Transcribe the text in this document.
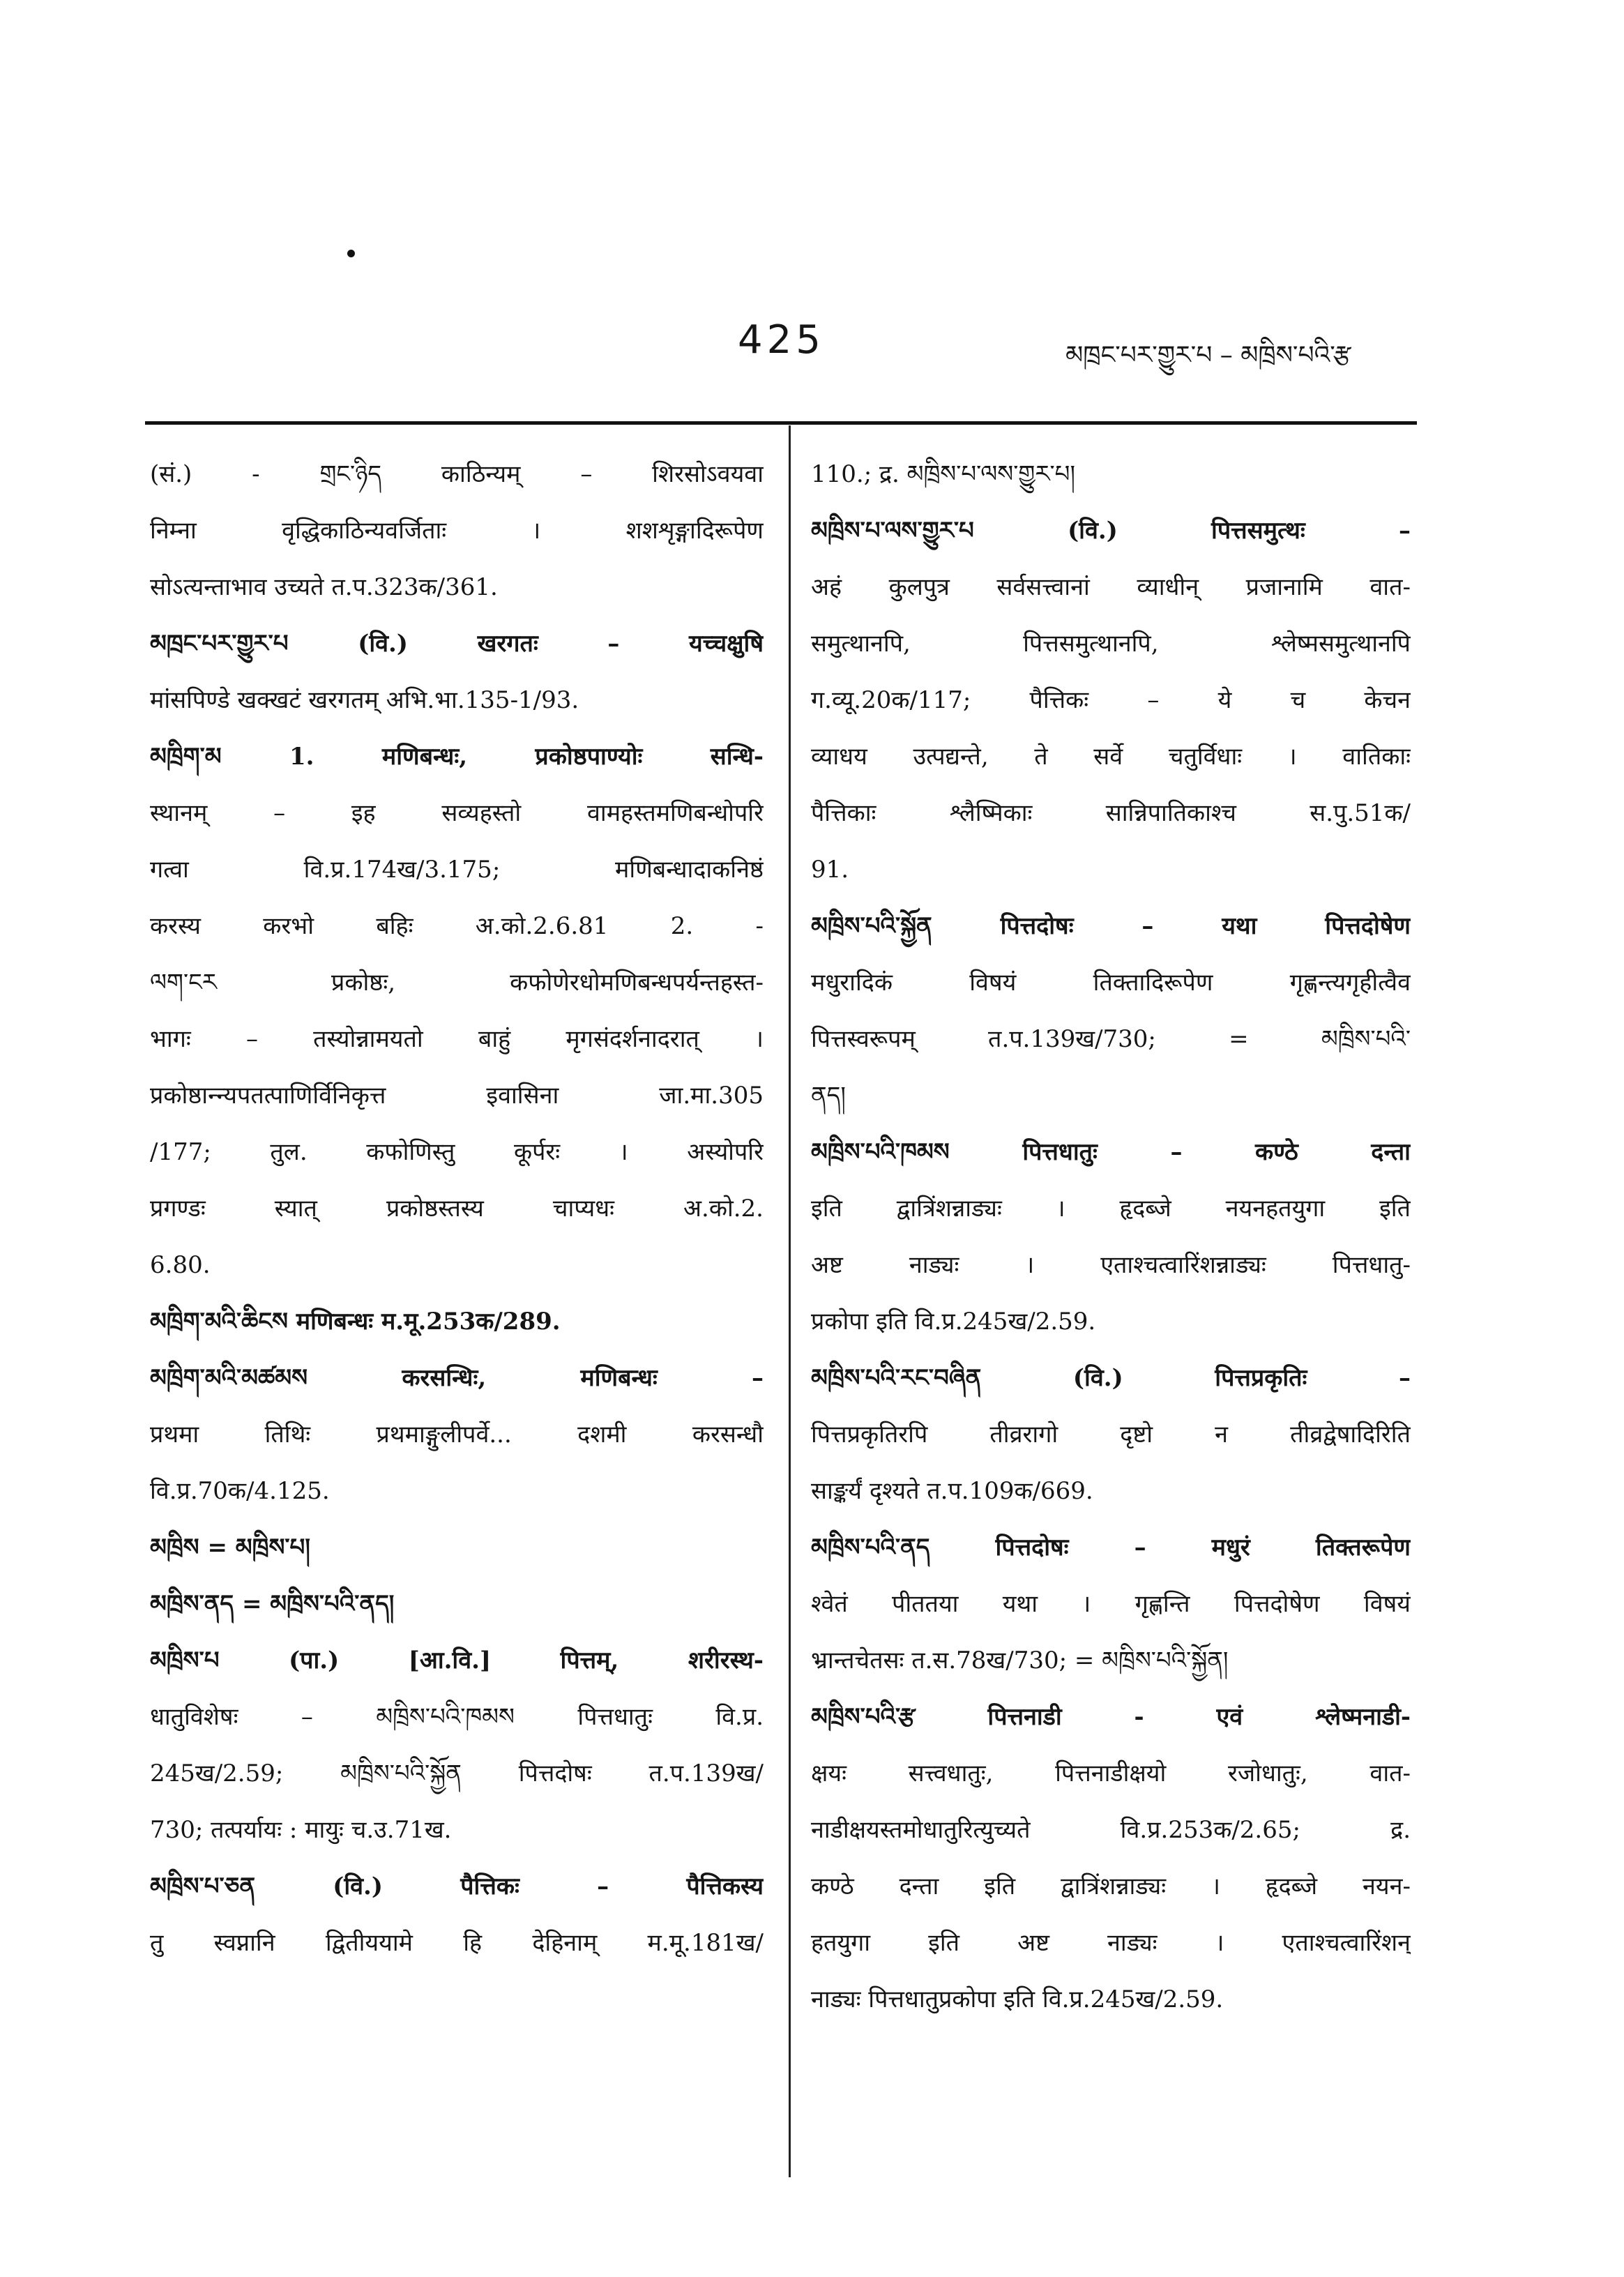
425	མཁྲང་པར་གྱུར་པ – མཁྲིས་པའི་རྩ
(सं.) - གྲང་ཉིད काठिन्यम् – शिरसोऽवयवा
निम्ना वृद्धिकाठिन्यवर्जिताः । शशशृङ्गादिरूपेण
सोऽत्यन्ताभाव उच्यते त.प.323क/361.
མཁྲང་པར་གྱུར་པ (वि.) खरगतः – यच्चक्षुषि
मांसपिण्डे खक्खटं खरगतम् अभि.भा.135-1/93.
མཁྲིག་མ 1. मणिबन्धः, प्रकोष्ठपाण्योः सन्धि-
स्थानम् – इह सव्यहस्तो वामहस्तमणिबन्धोपरि
गत्वा वि.प्र.174ख/3.175; मणिबन्धादाकनिष्ठं
करस्य करभो बहिः अ.को.2.6.81 2. -
ལག་ངར प्रकोष्ठः, कफोणेरधोमणिबन्धपर्यन्तहस्त-
भागः – तस्योन्नामयतो बाहुं मृगसंदर्शनादरात् ।
प्रकोष्ठान्न्यपतत्पाणिर्विनिकृत्त इवासिना जा.मा.305
/177; तुल. कफोणिस्तु कूर्परः । अस्योपरि
प्रगण्डः स्यात् प्रकोष्ठस्तस्य चाप्यधः अ.को.2.
6.80.
མཁྲིག་མའི་ཆིངས मणिबन्धः म.मू.253क/289.
མཁྲིག་མའི་མཚམས करसन्धिः, मणिबन्धः –
प्रथमा तिथिः प्रथमाङ्गुलीपर्वे... दशमी करसन्धौ
वि.प्र.70क/4.125.
མཁྲིས = མཁྲིས་པ།
མཁྲིས་ནད = མཁྲིས་པའི་ནད།
མཁྲིས་པ (पा.) [आ.वि.] पित्तम्, शरीरस्थ-
धातुविशेषः – མཁྲིས་པའི་ཁམས पित्तधातुः वि.प्र.
245ख/2.59; མཁྲིས་པའི་སྐྱོན पित्तदोषः त.प.139ख/
730; तत्पर्यायः : मायुः च.उ.71ख.
མཁྲིས་པ་ཅན (वि.) पैत्तिकः – पैत्तिकस्य
तु स्वप्नानि द्वितीययामे हि देहिनाम् म.मू.181ख/
110.; द्र. མཁྲིས་པ་ལས་གྱུར་པ།
མཁྲིས་པ་ལས་གྱུར་པ (वि.) पित्तसमुत्थः –
अहं कुलपुत्र सर्वसत्त्वानां व्याधीन् प्रजानामि वात-
समुत्थानपि, पित्तसमुत्थानपि, श्लेष्मसमुत्थानपि
ग.व्यू.20क/117; पैत्तिकः – ये च केचन
व्याधय उत्पद्यन्ते, ते सर्वे चतुर्विधाः । वातिकाः
पैत्तिकाः श्लैष्मिकाः सान्निपातिकाश्च स.पु.51क/
91.
མཁྲིས་པའི་སྐྱོན पित्तदोषः – यथा पित्तदोषेण
मधुरादिकं विषयं तिक्तादिरूपेण गृह्णन्त्यगृहीत्वैव
पित्तस्वरूपम् त.प.139ख/730; = མཁྲིས་པའི་
ནད།
མཁྲིས་པའི་ཁམས पित्तधातुः – कण्ठे दन्ता
इति द्वात्रिंशन्नाड्यः । हृदब्जे नयनहतयुगा इति
अष्ट नाड्यः । एताश्चत्वारिंशन्नाड्यः पित्तधातु-
प्रकोपा इति वि.प्र.245ख/2.59.
མཁྲིས་པའི་རང་བཞིན (वि.) पित्तप्रकृतिः –
पित्तप्रकृतिरपि तीव्ररागो दृष्टो न तीव्रद्वेषादिरिति
साङ्कर्यं दृश्यते त.प.109क/669.
མཁྲིས་པའི་ནད पित्तदोषः – मधुरं तिक्तरूपेण
श्वेतं पीततया यथा । गृह्णन्ति पित्तदोषेण विषयं
भ्रान्तचेतसः त.स.78ख/730; = མཁྲིས་པའི་སྐྱོན།
མཁྲིས་པའི་རྩ पित्तनाडी - एवं श्लेष्मनाडी-
क्षयः सत्त्वधातुः, पित्तनाडीक्षयो रजोधातुः, वात-
नाडीक्षयस्तमोधातुरित्युच्यते वि.प्र.253क/2.65; द्र.
कण्ठे दन्ता इति द्वात्रिंशन्नाड्यः । हृदब्जे नयन-
हतयुगा इति अष्ट नाड्यः । एताश्चत्वारिंशन्
नाड्यः पित्तधातुप्रकोपा इति वि.प्र.245ख/2.59.
